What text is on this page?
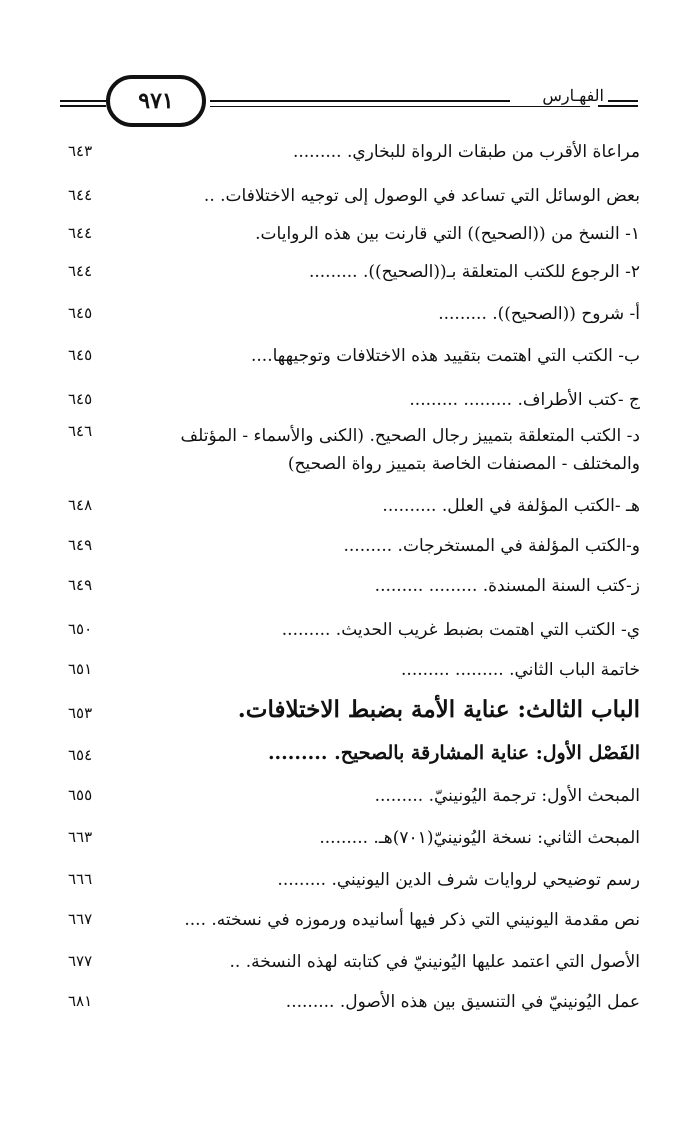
٩٧١	الفهـارس
مراعاة الأقرب من طبقات الرواة للبخاري. .........
٦٤٣
بعض الوسائل التي تساعد في الوصول إلى توجيه الاختلافات. ..
٦٤٤
١- النسخ من ((الصحيح)) التي قارنت بين هذه الروايات.
٦٤٤
٢- الرجوع للكتب المتعلقة بـ((الصحيح)). .........
٦٤٤
أ- شروح ((الصحيح)). .........
٦٤٥
ب- الكتب التي اهتمت بتقييد هذه الاختلافات وتوجيهها....
٦٤٥
ج -كتب الأطراف. ......... .........
٦٤٥
د- الكتب المتعلقة بتمييز رجال الصحيح. (الكنى والأسماء - المؤتلف والمختلف - المصنفات الخاصة بتمييز رواة الصحيح)
٦٤٦
هـ -الكتب المؤلفة في العلل. ..........
٦٤٨
و-الكتب المؤلفة في المستخرجات. .........
٦٤٩
ز-كتب السنة المسندة. ......... .........
٦٤٩
ي- الكتب التي اهتمت بضبط غريب الحديث. .........
٦٥٠
خاتمة الباب الثاني. ......... .........
٦٥١
الباب الثالث: عناية الأمة بضبط الاختلافات.
٦٥٣
الفَصْل الأول: عناية المشارقة بالصحيح. .........
٦٥٤
المبحث الأول: ترجمة اليُونينيّ. .........
٦٥٥
المبحث الثاني: نسخة اليُونينيّ(٧٠١)هـ. .........
٦٦٣
رسم توضيحي لروايات شرف الدين اليونيني. .........
٦٦٦
نص مقدمة اليونيني التي ذكر فيها أسانيده ورموزه في نسخته. ....
٦٦٧
الأصول التي اعتمد عليها اليُونينيّ في كتابته لهذه النسخة. ..
٦٧٧
عمل اليُونينيّ في التنسيق بين هذه الأصول. .........
٦٨١
